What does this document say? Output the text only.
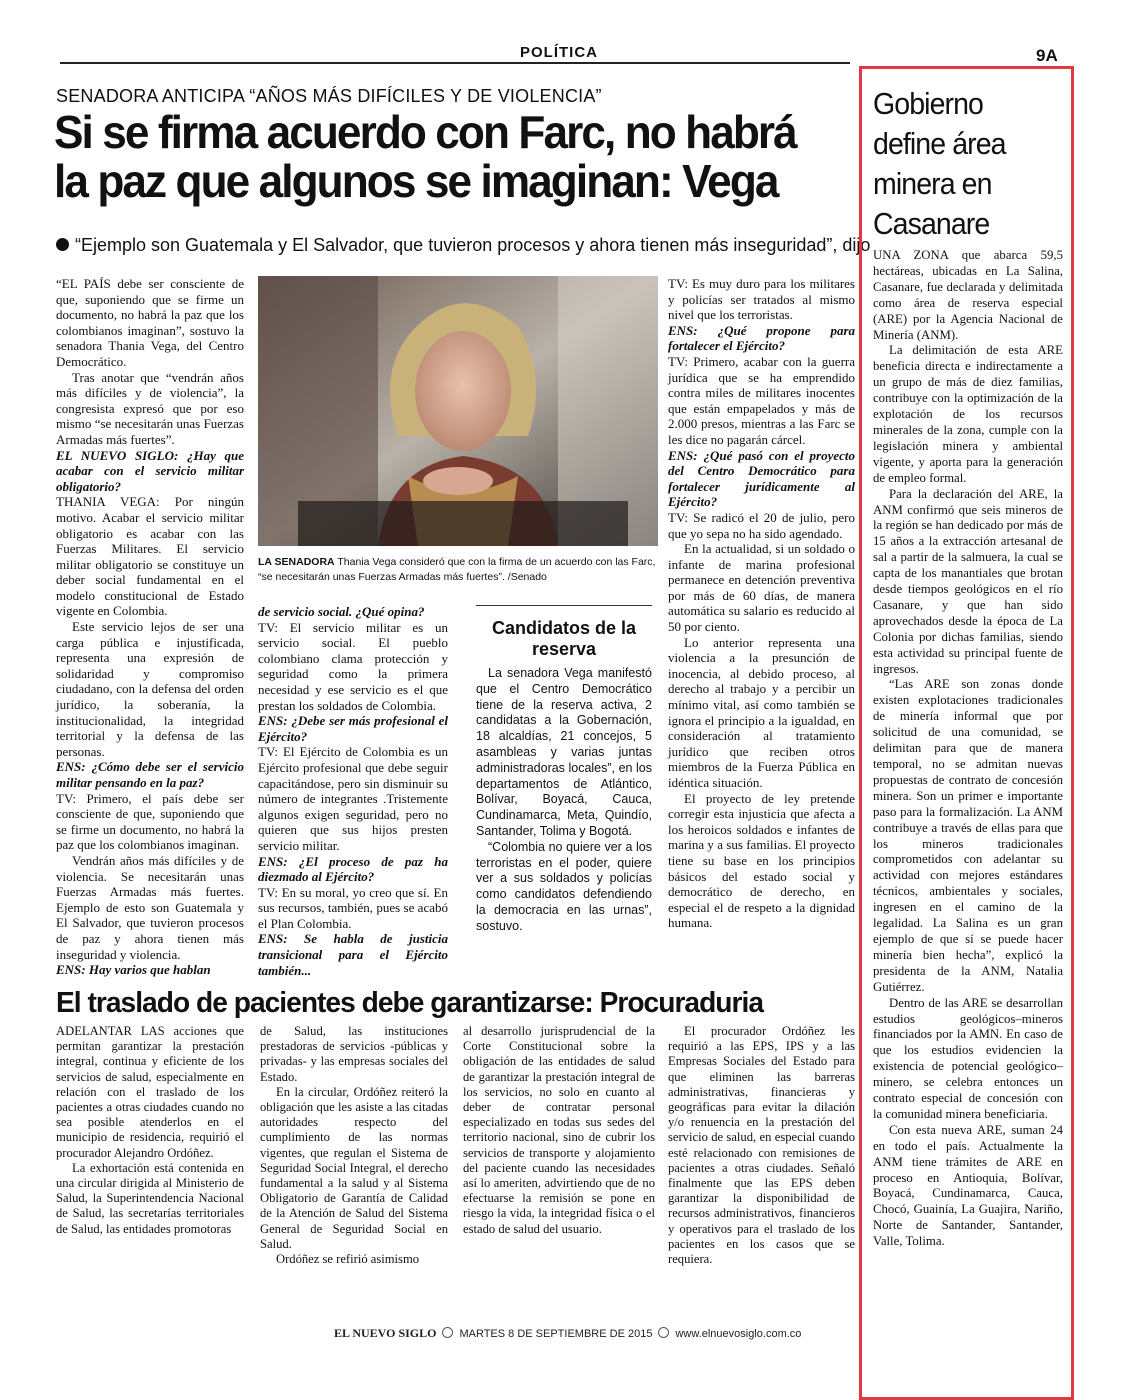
POLÍTICA	9A
SENADORA ANTICIPA “AÑOS MÁS DIFÍCILES Y DE VIOLENCIA”
Si se firma acuerdo con Farc, no habrá la paz que algunos se imaginan: Vega
“Ejemplo son Guatemala y El Salvador, que tuvieron procesos y ahora tienen más inseguridad”, dijo

“EL PAÍS debe ser consciente de que, suponiendo que se firme un documento, no habrá la paz que los colombianos imaginan”, sostuvo la senadora Thania Vega, del Centro Democrático.

Tras anotar que “vendrán años más difíciles y de violencia”, la congresista expresó que por eso mismo “se necesitarán unas Fuerzas Armadas más fuertes”.

EL NUEVO SIGLO: ¿Hay que acabar con el servicio militar obligatorio?

THANIA VEGA: Por ningún motivo. Acabar el servicio militar obligatorio es acabar con las Fuerzas Militares. El servicio militar obligatorio se constituye un deber social fundamental en el modelo constitucional de Estado vigente en Colombia.

Este servicio lejos de ser una carga pública e injustificada, representa una expresión de solidaridad y compromiso ciudadano, con la defensa del orden jurídico, la soberanía, la institucionalidad, la integridad territorial y la defensa de las personas.

ENS: ¿Cómo debe ser el servicio militar pensando en la paz?

TV: Primero, el país debe ser consciente de que, suponiendo que se firme un documento, no habrá la paz que los colombianos imaginan.

Vendrán años más difíciles y de violencia. Se necesitarán unas Fuerzas Armadas más fuertes. Ejemplo de esto son Guatemala y El Salvador, que tuvieron procesos de paz y ahora tienen más inseguridad y violencia.

ENS: Hay varios que hablan

LA SENADORA Thania Vega consideró que con la firma de un acuerdo con las Farc, “se necesitarán unas Fuerzas Armadas más fuertes”. /Senado

de servicio social. ¿Qué opina?

TV: El servicio militar es un servicio social. El pueblo colombiano clama protección y seguridad como la primera necesidad y ese servicio es el que prestan los soldados de Colombia.

ENS: ¿Debe ser más profesional el Ejército?

TV: El Ejército de Colombia es un Ejército profesional que debe seguir capacitándose, pero sin disminuir su número de integrantes .Tristemente algunos exigen seguridad, pero no quieren que sus hijos presten servicio militar.

ENS: ¿El proceso de paz ha diezmado al Ejército?

TV: En su moral, yo creo que sí. En sus recursos, también, pues se acabó el Plan Colombia.

ENS: Se habla de justicia transicional para el Ejército también...

Candidatos de la reserva

La senadora Vega manifestó que el Centro Democrático tiene de la reserva activa, 2 candidatas a la Gobernación, 18 alcaldías, 21 concejos, 5 asambleas y varias juntas administradoras locales”, en los departamentos de Atlántico, Bolívar, Boyacá, Cauca, Cundinamarca, Meta, Quindío, Santander, Tolima y Bogotá.

“Colombia no quiere ver a los terroristas en el poder, quiere ver a sus soldados y policías como candidatos defendiendo la democracia en las urnas”, sostuvo.

TV: Es muy duro para los militares y policías ser tratados al mismo nivel que los terroristas.

ENS: ¿Qué propone para fortalecer el Ejército?

TV: Primero, acabar con la guerra jurídica que se ha emprendido contra miles de militares inocentes que están empapelados y más de 2.000 presos, mientras a las Farc se les dice no pagarán cárcel.

ENS: ¿Qué pasó con el proyecto del Centro Democrático para fortalecer jurídicamente al Ejército?

TV: Se radicó el 20 de julio, pero que yo sepa no ha sido agendado.

En la actualidad, si un soldado o infante de marina profesional permanece en detención preventiva por más de 60 días, de manera automática su salario es reducido al 50 por ciento.

Lo anterior representa una violencia a la presunción de inocencia, al debido proceso, al derecho al trabajo y a percibir un mínimo vital, así como también se ignora el principio a la igualdad, en consideración al tratamiento jurídico que reciben otros miembros de la Fuerza Pública en idéntica situación.

El proyecto de ley pretende corregir esta injusticia que afecta a los heroicos soldados e infantes de marina y a sus familias. El proyecto tiene su base en los principios básicos del estado social y democrático de derecho, en especial el de respeto a la dignidad humana.

El traslado de pacientes debe garantizarse: Procuraduria

ADELANTAR LAS acciones que permitan garantizar la prestación integral, continua y eficiente de los servicios de salud, especialmente en relación con el traslado de los pacientes a otras ciudades cuando no sea posible atenderlos en el municipio de residencia, requirió el procurador Alejandro Ordóñez.

La exhortación está contenida en una circular dirigida al Ministerio de Salud, la Superintendencia Nacional de Salud, las secretarías territoriales de Salud, las entidades promotoras

de Salud, las instituciones prestadoras de servicios -públicas y privadas- y las empresas sociales del Estado.

En la circular, Ordóñez reiteró la obligación que les asiste a las citadas autoridades respecto del cumplimiento de las normas vigentes, que regulan el Sistema de Seguridad Social Integral, el derecho fundamental a la salud y al Sistema Obligatorio de Garantía de Calidad de la Atención de Salud del Sistema General de Seguridad Social en Salud.

Ordóñez se refirió asimismo

al desarrollo jurisprudencial de la Corte Constitucional sobre la obligación de las entidades de salud de garantizar la prestación integral de los servicios, no solo en cuanto al deber de contratar personal especializado en todas sus sedes del territorio nacional, sino de cubrir los servicios de transporte y alojamiento del paciente cuando las necesidades así lo ameriten, advirtiendo que de no efectuarse la remisión se pone en riesgo la vida, la integridad física o el estado de salud del usuario.

El procurador Ordóñez les requirió a las EPS, IPS y a las Empresas Sociales del Estado para que eliminen las barreras administrativas, financieras y geográficas para evitar la dilación y/o renuencia en la prestación del servicio de salud, en especial cuando esté relacionado con remisiones de pacientes a otras ciudades. Señaló finalmente que las EPS deben garantizar la disponibilidad de recursos administrativos, financieros y operativos para el traslado de los pacientes en los casos que se requiera.

Gobierno define área minera en Casanare

UNA ZONA que abarca 59,5 hectáreas, ubicadas en La Salina, Casanare, fue declarada y delimitada como área de reserva especial (ARE) por la Agencia Nacional de Minería (ANM).

La delimitación de esta ARE beneficia directa e indirectamente a un grupo de más de diez familias, contribuye con la optimización de la explotación de los recursos minerales de la zona, cumple con la legislación minera y ambiental vigente, y aporta para la generación de empleo formal.

Para la declaración del ARE, la ANM confirmó que seis mineros de la región se han dedicado por más de 15 años a la extracción artesanal de sal a partir de la salmuera, la cual se capta de los manantiales que brotan desde tiempos geológicos en el río Casanare, y que han sido aprovechados desde la época de La Colonia por dichas familias, siendo esta actividad su principal fuente de ingresos.

“Las ARE son zonas donde existen explotaciones tradicionales de minería informal que por solicitud de una comunidad, se delimitan para que de manera temporal, no se admitan nuevas propuestas de contrato de concesión minera. Son un primer e importante paso para la formalización. La ANM contribuye a través de ellas para que los mineros tradicionales comprometidos con adelantar su actividad con mejores estándares técnicos, ambientales y sociales, ingresen en el camino de la legalidad. La Salina es un gran ejemplo de que sí se puede hacer minería bien hecha”, explicó la presidenta de la ANM, Natalia Gutiérrez.

Dentro de las ARE se desarrollan estudios geológicos–mineros financiados por la AMN. En caso de que los estudios evidencien la existencia de potencial geológico–minero, se celebra entonces un contrato especial de concesión con la comunidad minera beneficiaria.

Con esta nueva ARE, suman 24 en todo el país. Actualmente la ANM tiene trámites de ARE en proceso en Antioquia, Bolívar, Boyacá, Cundinamarca, Cauca, Chocó, Guainía, La Guajira, Nariño, Norte de Santander, Santander, Valle, Tolima.

EL NUEVO SIGLO MARTES 8 DE SEPTIEMBRE DE 2015 www.elnuevosiglo.com.co
